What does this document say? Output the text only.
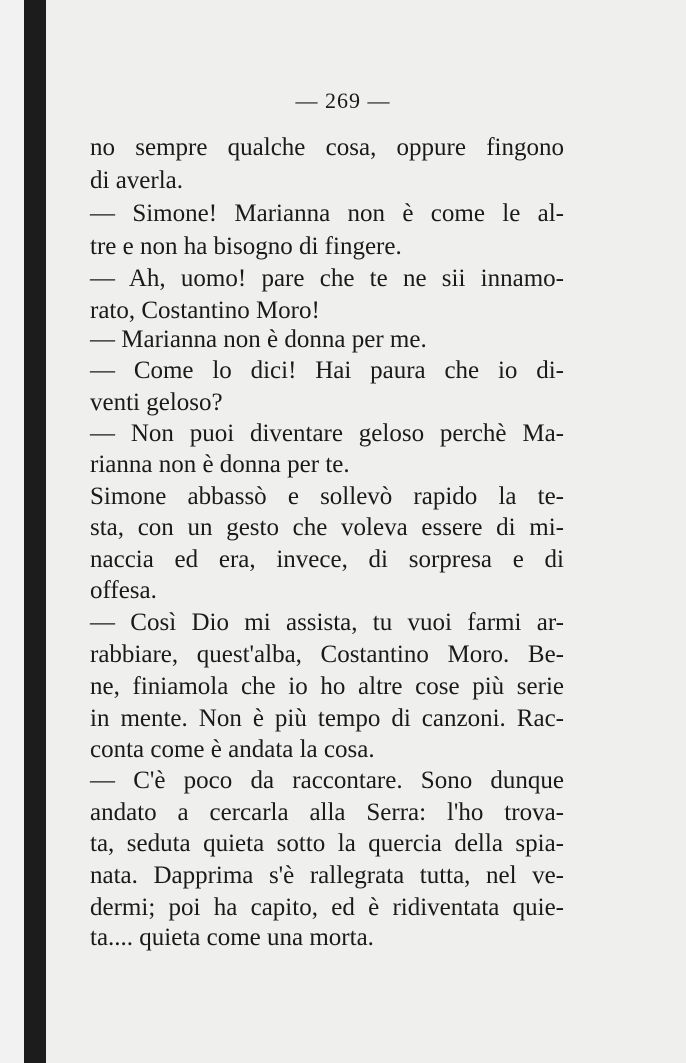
— 269 —
no sempre qualche cosa, oppure fingono
di averla.
— Simone! Marianna non è come le al-
tre e non ha bisogno di fingere.
— Ah, uomo! pare che te ne sii innamo-
rato, Costantino Moro!
— Marianna non è donna per me.
— Come lo dici! Hai paura che io di-
venti geloso?
— Non puoi diventare geloso perchè Ma-
rianna non è donna per te.
Simone abbassò e sollevò rapido la te-
sta, con un gesto che voleva essere di mi-
naccia ed era, invece, di sorpresa e di
offesa.
— Così Dio mi assista, tu vuoi farmi ar-
rabbiare, quest'alba, Costantino Moro. Be-
ne, finiamola che io ho altre cose più serie
in mente. Non è più tempo di canzoni. Rac-
conta come è andata la cosa.
— C'è poco da raccontare. Sono dunque
andato a cercarla alla Serra: l'ho trova-
ta, seduta quieta sotto la quercia della spia-
nata. Dapprima s'è rallegrata tutta, nel ve-
dermi; poi ha capito, ed è ridiventata quie-
ta.... quieta come una morta.
